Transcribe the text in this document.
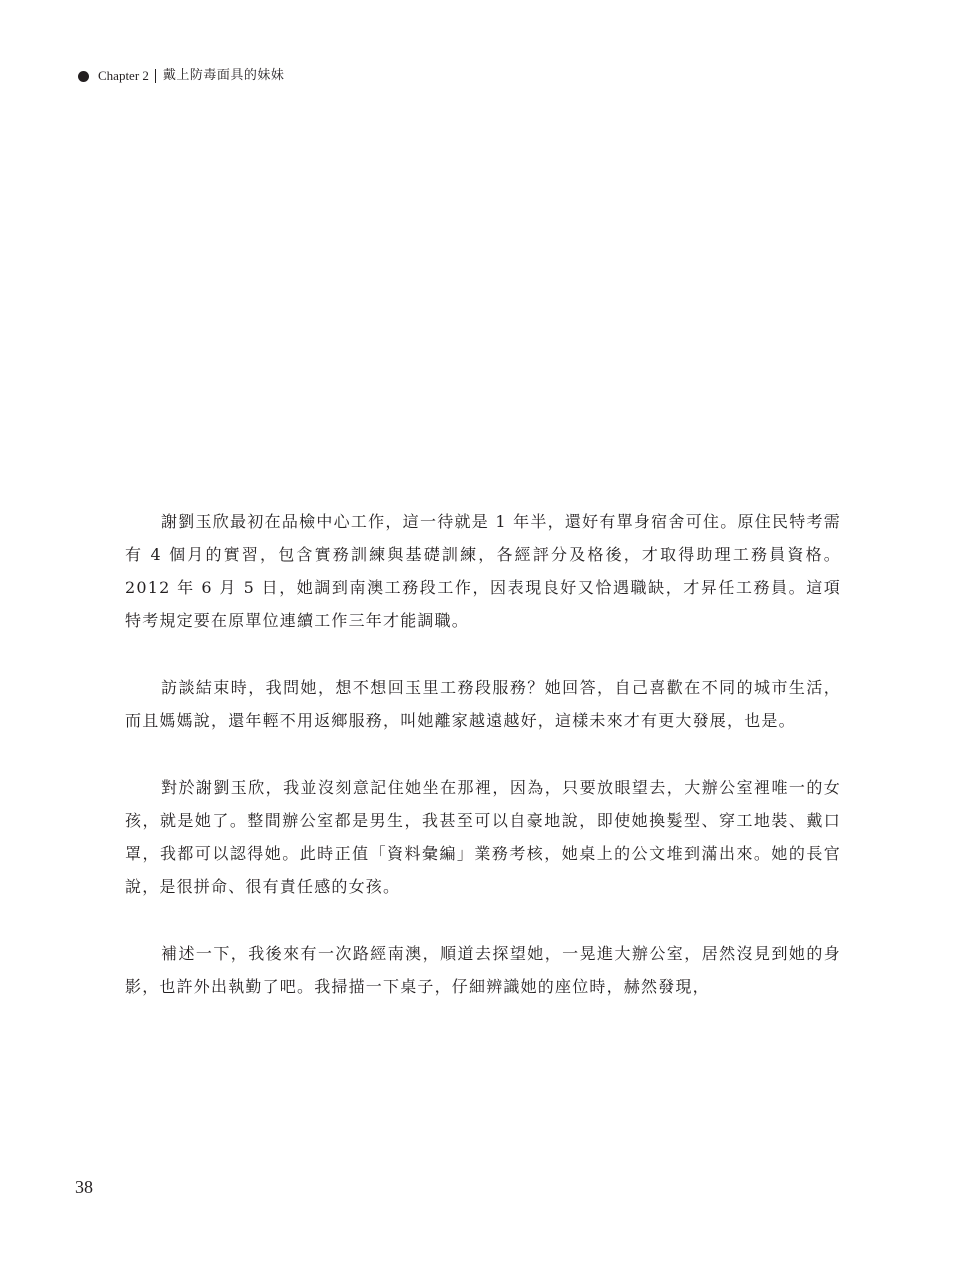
Chapter 2 戴上防毒面具的妹妹

謝劉玉欣最初在品檢中心工作，這一待就是 1 年半，還好有單身宿舍可住。原住民特考需有 4 個月的實習，包含實務訓練與基礎訓練，各經評分及格後，才取得助理工務員資格。2012 年 6 月 5 日，她調到南澳工務段工作，因表現良好又恰遇職缺，才昇任工務員。這項特考規定要在原單位連續工作三年才能調職。

訪談結束時，我問她，想不想回玉里工務段服務？她回答，自己喜歡在不同的城市生活，而且媽媽說，還年輕不用返鄉服務，叫她離家越遠越好，這樣未來才有更大發展，也是。

對於謝劉玉欣，我並沒刻意記住她坐在那裡，因為，只要放眼望去，大辦公室裡唯一的女孩，就是她了。整間辦公室都是男生，我甚至可以自豪地說，即使她換髮型、穿工地裝、戴口罩，我都可以認得她。此時正值「資料彙編」業務考核，她桌上的公文堆到滿出來。她的長官說，是很拼命、很有責任感的女孩。

補述一下，我後來有一次路經南澳，順道去探望她，一晃進大辦公室，居然沒見到她的身影，也許外出執勤了吧。我掃描一下桌子，仔細辨識她的座位時，赫然發現，

38
